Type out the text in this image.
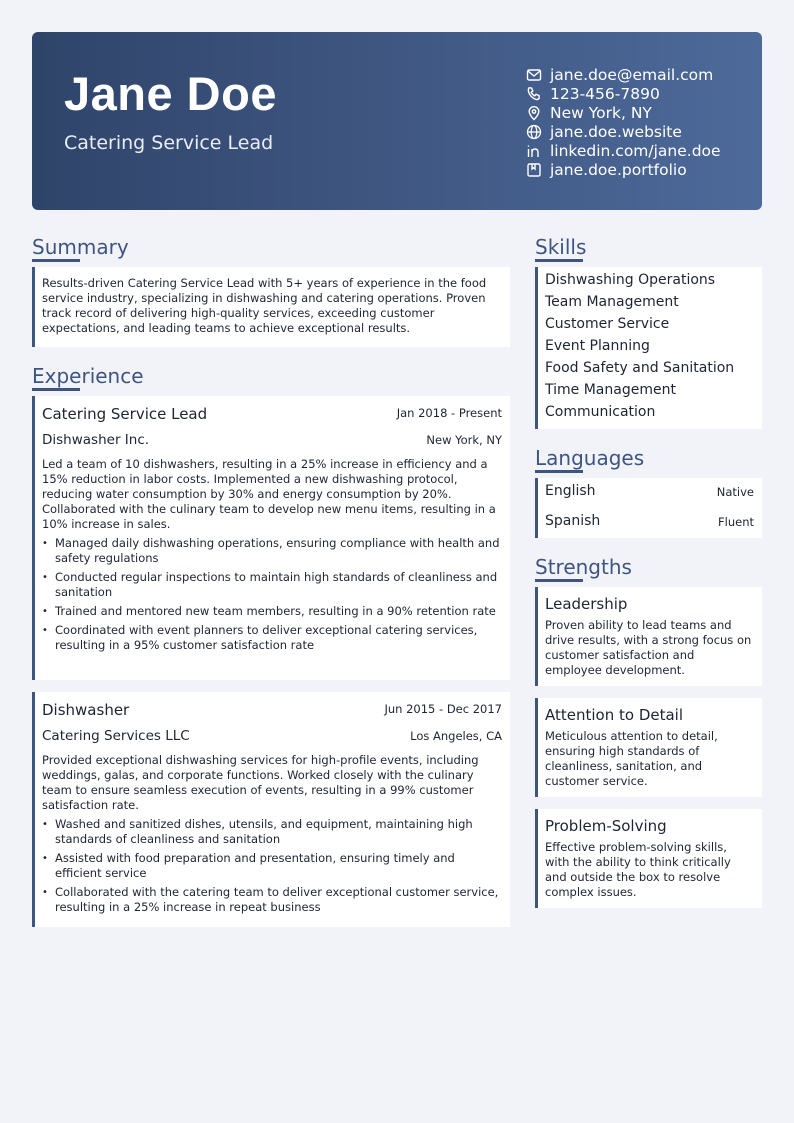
Jane Doe
Catering Service Lead
jane.doe@email.com
123-456-7890
New York, NY
jane.doe.website
linkedin.com/jane.doe
jane.doe.portfolio
Summary
Results-driven Catering Service Lead with 5+ years of experience in the food service industry, specializing in dishwashing and catering operations. Proven track record of delivering high-quality services, exceeding customer expectations, and leading teams to achieve exceptional results.
Experience
Catering Service Lead	Jan 2018 - Present
Dishwasher Inc.	New York, NY
Led a team of 10 dishwashers, resulting in a 25% increase in efficiency and a 15% reduction in labor costs. Implemented a new dishwashing protocol, reducing water consumption by 30% and energy consumption by 20%. Collaborated with the culinary team to develop new menu items, resulting in a 10% increase in sales.
• Managed daily dishwashing operations, ensuring compliance with health and safety regulations
• Conducted regular inspections to maintain high standards of cleanliness and sanitation
• Trained and mentored new team members, resulting in a 90% retention rate
• Coordinated with event planners to deliver exceptional catering services, resulting in a 95% customer satisfaction rate
Dishwasher	Jun 2015 - Dec 2017
Catering Services LLC	Los Angeles, CA
Provided exceptional dishwashing services for high-profile events, including weddings, galas, and corporate functions. Worked closely with the culinary team to ensure seamless execution of events, resulting in a 99% customer satisfaction rate.
• Washed and sanitized dishes, utensils, and equipment, maintaining high standards of cleanliness and sanitation
• Assisted with food preparation and presentation, ensuring timely and efficient service
• Collaborated with the catering team to deliver exceptional customer service, resulting in a 25% increase in repeat business
Skills
Dishwashing Operations
Team Management
Customer Service
Event Planning
Food Safety and Sanitation
Time Management
Communication
Languages
English	Native
Spanish	Fluent
Strengths
Leadership
Proven ability to lead teams and drive results, with a strong focus on customer satisfaction and employee development.
Attention to Detail
Meticulous attention to detail, ensuring high standards of cleanliness, sanitation, and customer service.
Problem-Solving
Effective problem-solving skills, with the ability to think critically and outside the box to resolve complex issues.
